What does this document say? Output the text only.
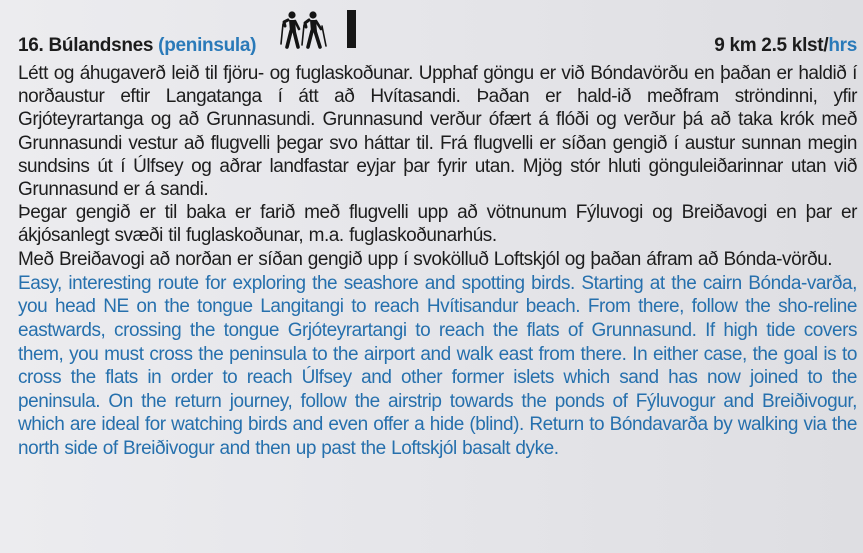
16. Búlandsnes (peninsula)	9 km 2.5 klst/hrs

Létt og áhugaverð leið til fjöru- og fuglaskoðunar. Upphaf göngu er við Bóndavörðu en þaðan er haldið í norðaustur eftir Langatanga í átt að Hvítasandi. Þaðan er hald-ið meðfram ströndinni, yfir Grjóteyrartanga og að Grunnasundi. Grunnasund verður ófært á flóði og verður þá að taka krók með Grunnasundi vestur að flugvelli þegar svo háttar til. Frá flugvelli er síðan gengið í austur sunnan megin sundsins út í Úlfsey og aðrar landfastar eyjar þar fyrir utan. Mjög stór hluti gönguleiðarinnar utan við Grunnasund er á sandi.

Þegar gengið er til baka er farið með flugvelli upp að vötnunum Fýluvogi og Breiðavogi en þar er ákjósanlegt svæði til fuglaskoðunar, m.a. fuglaskoðunarhús.

Með Breiðavogi að norðan er síðan gengið upp í svokölluð Loftskjól og þaðan áfram að Bónda-vörðu.

Easy, interesting route for exploring the seashore and spotting birds. Starting at the cairn Bónda-varða, you head NE on the tongue Langitangi to reach Hvítisandur beach. From there, follow the sho-reline eastwards, crossing the tongue Grjóteyrartangi to reach the flats of Grunnasund. If high tide covers them, you must cross the peninsula to the airport and walk east from there. In either case, the goal is to cross the flats in order to reach Úlfsey and other former islets which sand has now joined to the peninsula. On the return journey, follow the airstrip towards the ponds of Fýluvogur and Breiðivogur, which are ideal for watching birds and even offer a hide (blind). Return to Bóndavarða by walking via the north side of Breiðivogur and then up past the Loftskjól basalt dyke.
